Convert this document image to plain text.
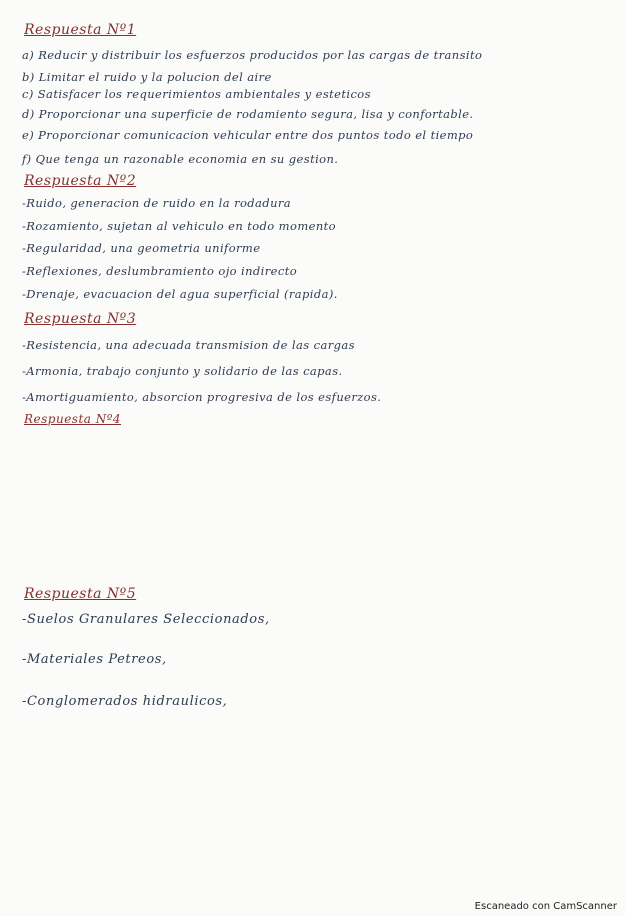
Respuesta Nº1
a) Reducir y distribuir los esfuerzos producidos por las cargas de transito
b) Limitar el ruido y la polucion del aire
c) Satisfacer los requerimientos ambientales y esteticos
d) Proporcionar una superficie de rodamiento segura, lisa y confortable.
e) Proporcionar comunicacion vehicular entre dos puntos todo el tiempo
f) Que tenga un razonable economia en su gestion.
Respuesta Nº2
-Ruido, generacion de ruido en la rodadura
-Rozamiento, sujetan al vehiculo en todo momento
-Regularidad, una geometria uniforme
-Reflexiones, deslumbramiento ojo indirecto
-Drenaje, evacuacion del agua superficial (rapida).
Respuesta Nº3
-Resistencia, una adecuada transmision de las cargas
-Armonia, trabajo conjunto y solidario de las capas.
-Amortiguamiento, absorcion progresiva de los esfuerzos.
Respuesta Nº4
Respuesta Nº5
-Suelos Granulares Seleccionados,
-Materiales Petreos,
-Conglomerados hidraulicos,
Escaneado con CamScanner
